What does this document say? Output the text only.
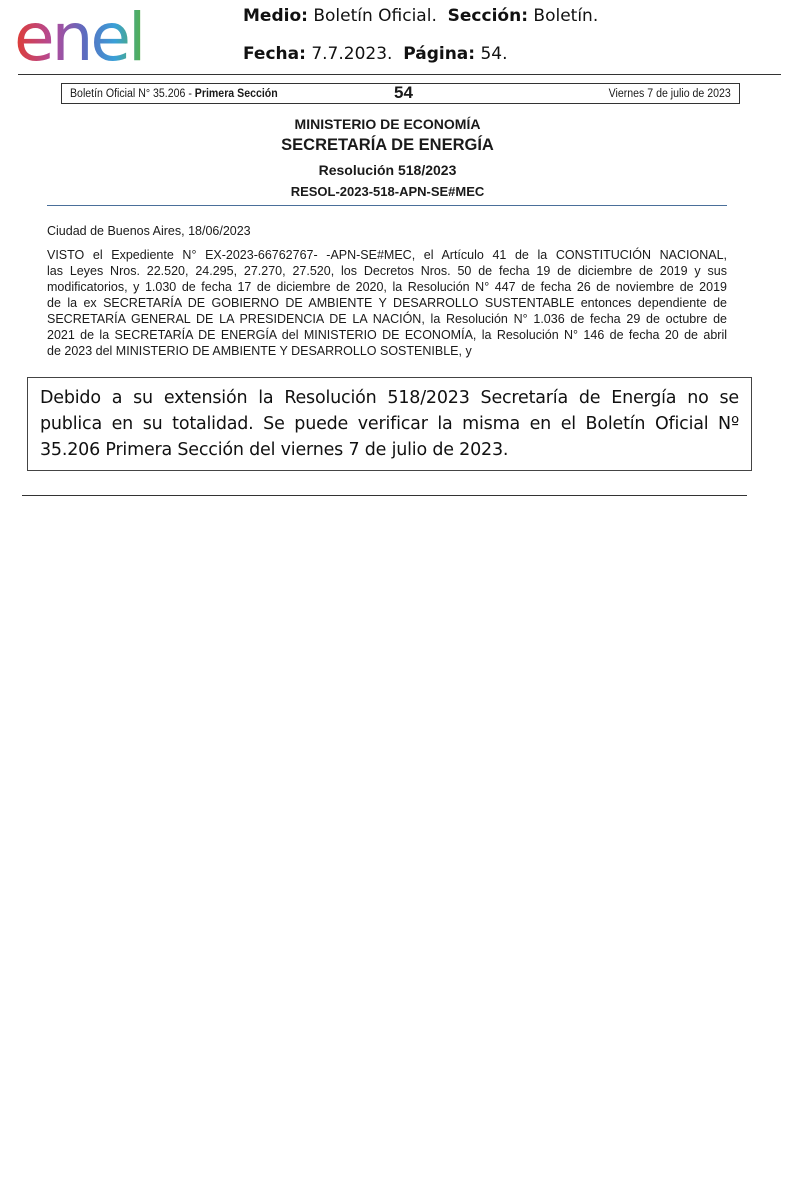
enel	Medio: Boletín Oficial. Sección: Boletín.
Fecha: 7.7.2023. Página: 54.
Boletín Oficial N° 35.206 - Primera Sección	54	Viernes 7 de julio de 2023
MINISTERIO DE ECONOMÍA
SECRETARÍA DE ENERGÍA
Resolución 518/2023
RESOL-2023-518-APN-SE#MEC
Ciudad de Buenos Aires, 18/06/2023
VISTO el Expediente N° EX-2023-66762767- -APN-SE#MEC, el Artículo 41 de la CONSTITUCIÓN NACIONAL,
las Leyes Nros. 22.520, 24.295, 27.270, 27.520, los Decretos Nros. 50 de fecha 19 de diciembre de 2019 y sus
modificatorios, y 1.030 de fecha 17 de diciembre de 2020, la Resolución N° 447 de fecha 26 de noviembre de 2019
de la ex SECRETARÍA DE GOBIERNO DE AMBIENTE Y DESARROLLO SUSTENTABLE entonces dependiente de
SECRETARÍA GENERAL DE LA PRESIDENCIA DE LA NACIÓN, la Resolución N° 1.036 de fecha 29 de octubre de
2021 de la SECRETARÍA DE ENERGÍA del MINISTERIO DE ECONOMÍA, la Resolución N° 146 de fecha 20 de abril
de 2023 del MINISTERIO DE AMBIENTE Y DESARROLLO SOSTENIBLE, y

Debido a su extensión la Resolución 518/2023 Secretaría de Energía no se publica en su totalidad. Se puede verificar la misma en el Boletín Oficial Nº 35.206 Primera Sección del viernes 7 de julio de 2023.
